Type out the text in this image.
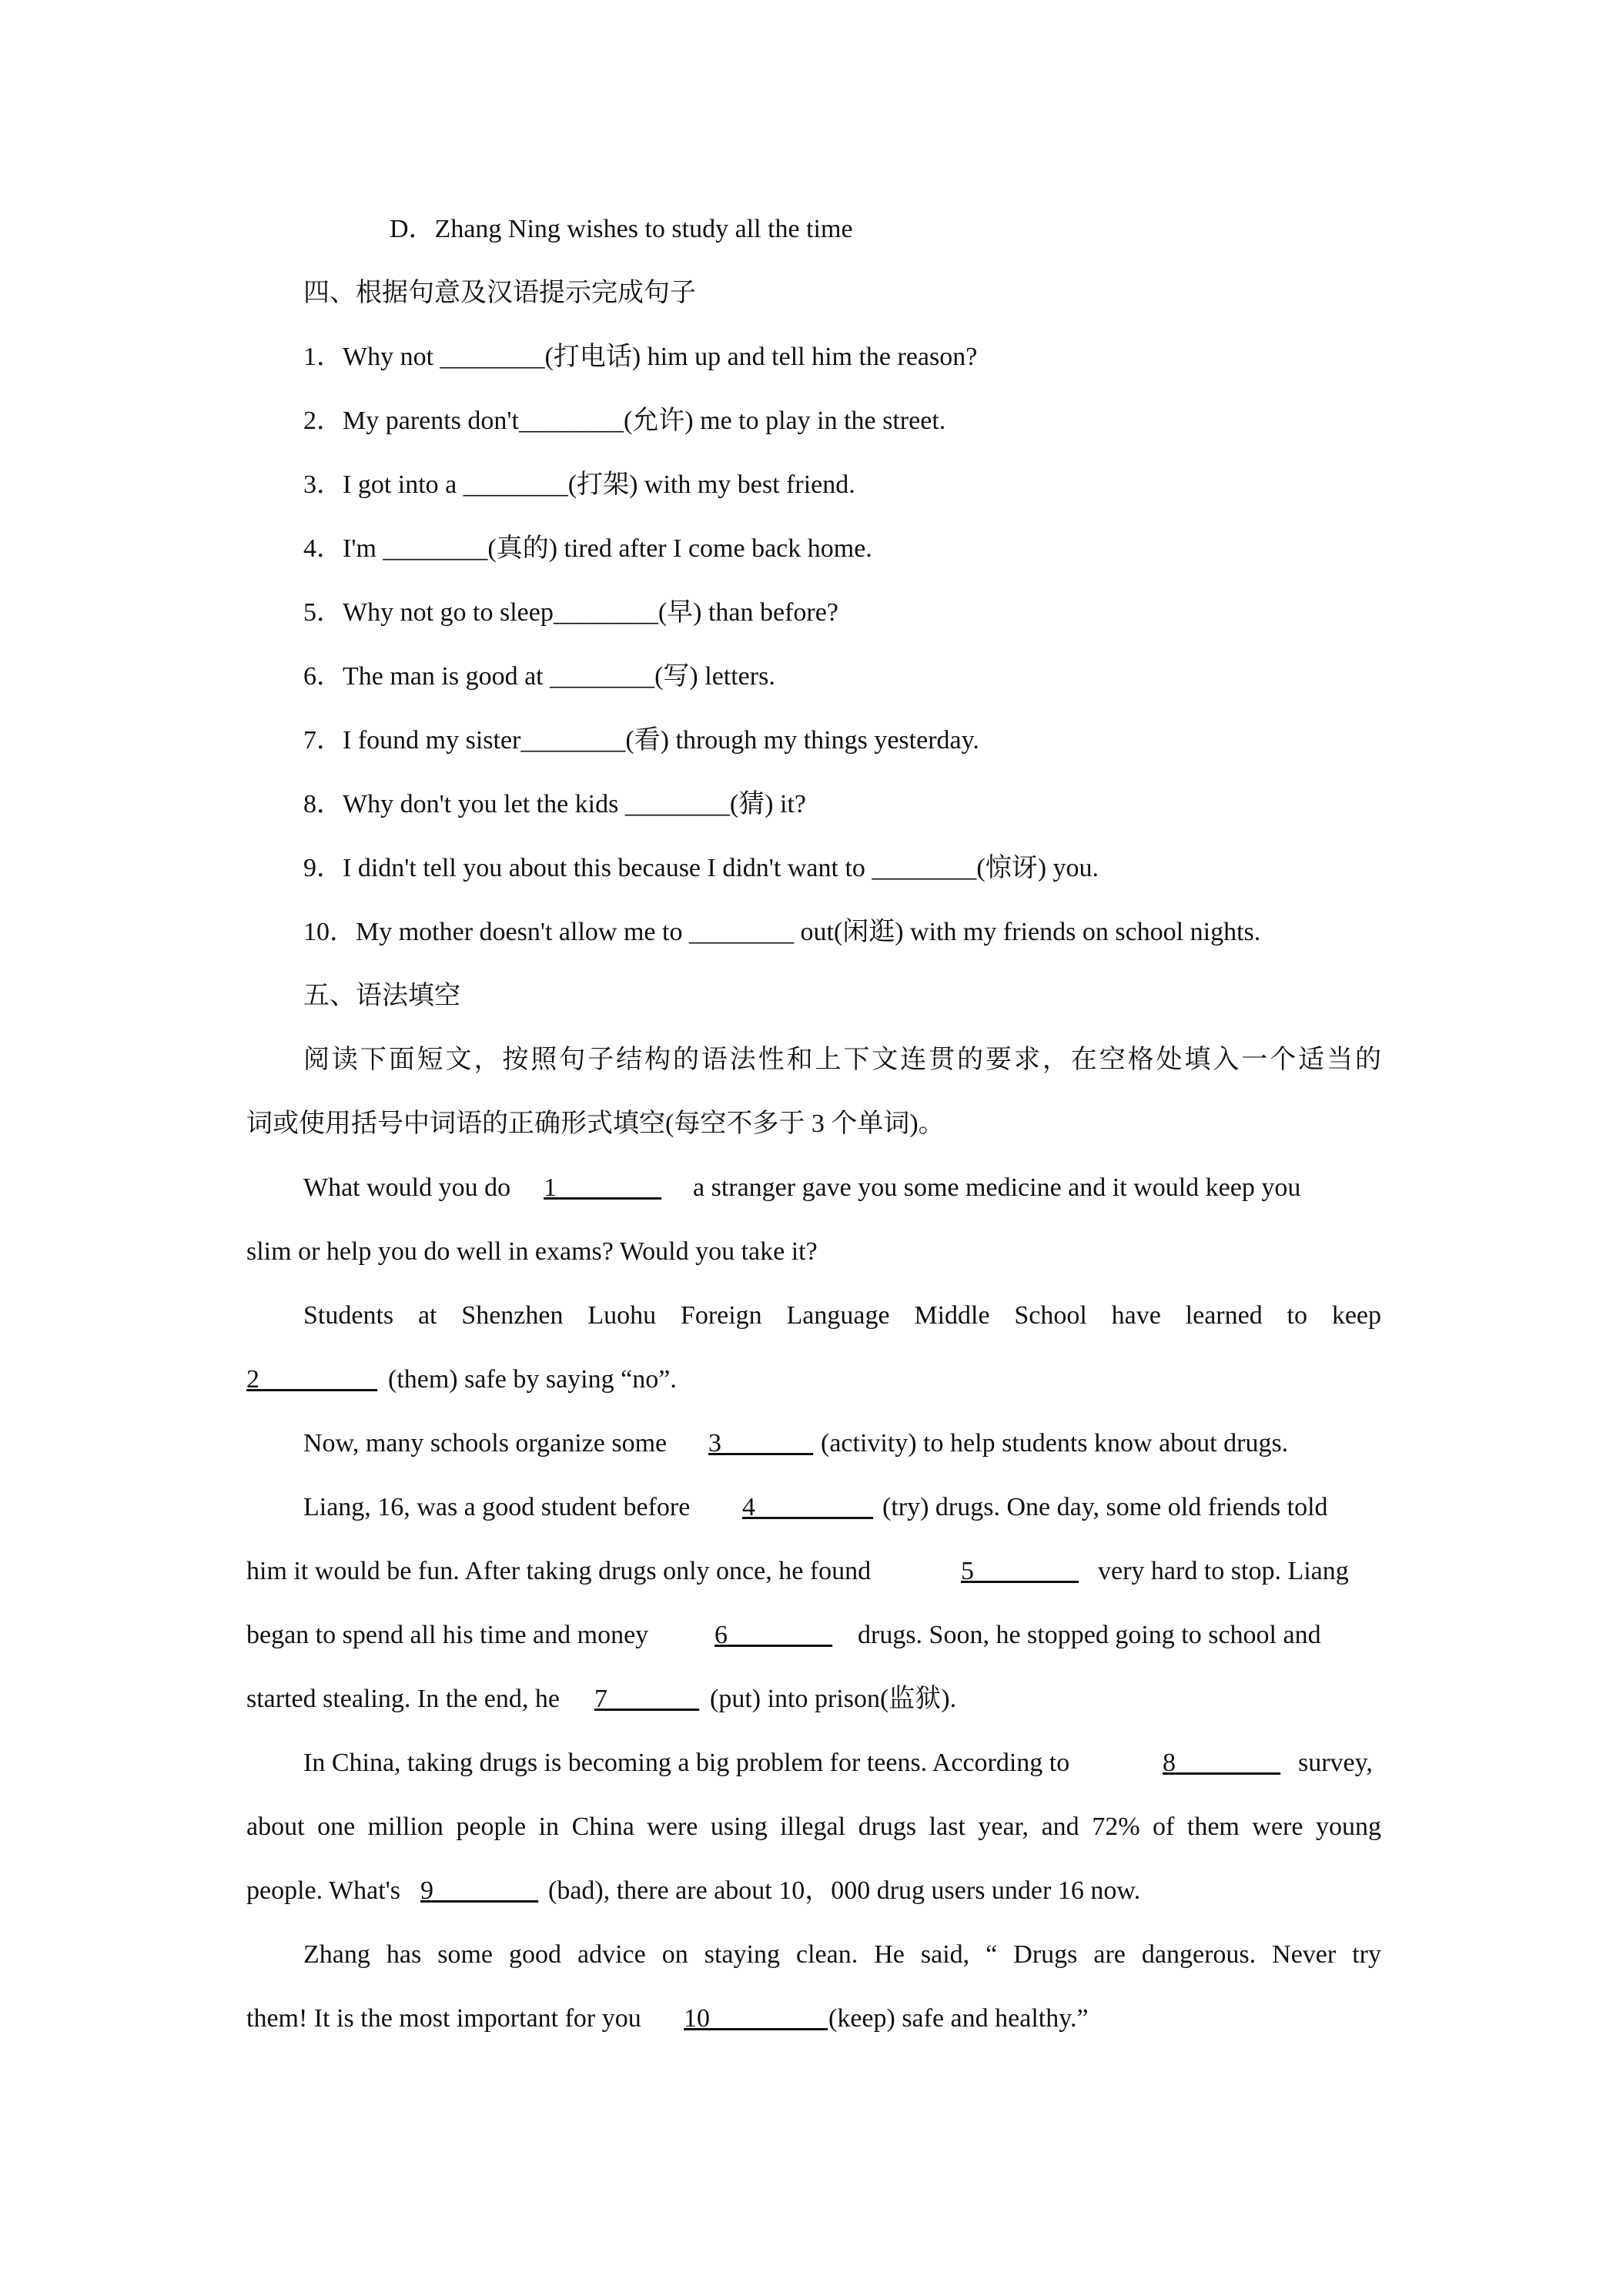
D．Zhang Ning wishes to study all the time
四、根据句意及汉语提示完成句子
1．Why not ________(打电话) him up and tell him the reason?
2．My parents don't________(允许) me to play in the street.
3．I got into a ________(打架) with my best friend.
4．I'm ________(真的) tired after I come back home.
5．Why not go to sleep________(早) than before?
6．The man is good at ________(写) letters.
7．I found my sister________(看) through my things yesterday.
8．Why don't you let the kids ________(猜) it?
9．I didn't tell you about this because I didn't want to ________(惊讶) you.
10．My mother doesn't allow me to ________ out(闲逛) with my friends on school nights.
五、语法填空
阅读下面短文，按照句子结构的语法性和上下文连贯的要求，在空格处填入一个适当的
词或使用括号中词语的正确形式填空(每空不多于 3 个单词)。
What would you do 1________ a stranger gave you some medicine and it would keep you
slim or help you do well in exams? Would you take it?
Students at Shenzhen Luohu Foreign Language Middle School have learned to keep
2_________ (them) safe by saying “no”.
Now, many schools organize some 3_______ (activity) to help students know about drugs.
Liang, 16, was a good student before 4_________ (try) drugs. One day, some old friends told
him it would be fun. After taking drugs only once, he found	5________ very hard to stop. Liang
began to spend all his time and money	6________ drugs. Soon, he stopped going to school and
started stealing. In the end, he 7_______ (put) into prison(监狱).
In China, taking drugs is becoming a big problem for teens. According to	8________ survey,
about one million people in China were using illegal drugs last year, and 72% of them were young
people. What's 9________ (bad), there are about 10，000 drug users under 16 now.
Zhang has some good advice on staying clean. He said, “ Drugs are dangerous. Never try
them! It is the most important for you 10_________ (keep) safe and healthy.”
